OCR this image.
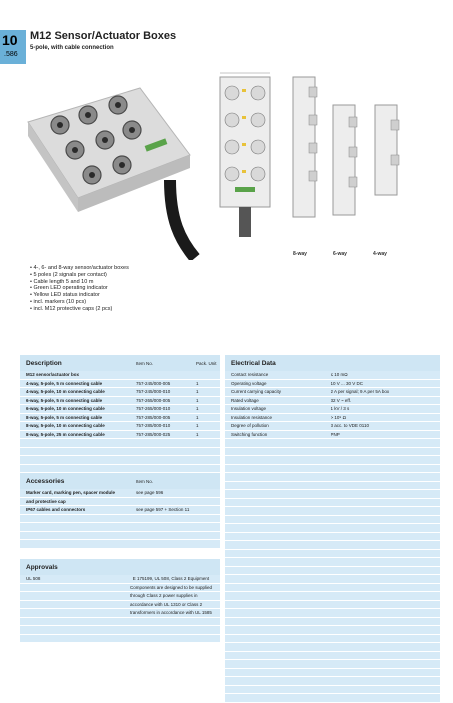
10
.586
M12 Sensor/Actuator Boxes
5-pole, with cable connection
8-way	6-way	4-way
• 4-, 6- and 8-way sensor/actuator boxes
• 5 poles (2 signals per contact)
• Cable length 5 and 10 m
• Green LED operating indicator
• Yellow LED status indicator
• incl. markers (10 pcs)
• incl. M12 protective caps (2 pcs)
Description	Item No.	Pack. Unit
M12 sensor/actuator box
4-way, 5-pole, 5 m connecting cable	757-245/000-005	1
4-way, 5-pole, 10 m connecting cable	757-245/000-010	1
6-way, 5-pole, 5 m connecting cable	757-265/000-005	1
6-way, 5-pole, 10 m connecting cable	757-265/000-010	1
8-way, 5-pole, 5 m connecting cable	757-285/000-005	1
8-way, 5-pole, 10 m connecting cable	757-285/000-010	1
8-way, 5-pole, 25 m connecting cable	757-285/000-025	1
Electrical Data
Contact resistance	≤ 10 mΩ
Operating voltage	10 V ... 30 V DC
Current carrying capacity	2 A per signal; 9 A per 5A box
Rated voltage	32 V ~ eff.
Insulation voltage	1 kV / 3 s
Insulation resistance	> 10⁹ Ω
Degree of pollution	3 acc. to VDE 0110
Switching function	PNP
Accessories	Item No.
Marker card, marking pen, spacer module	see page 596
and protective cap
IP67 cables and connectors	see page 597 + Section 11
Approvals
UL 508	E 175199, UL 508, Class 2 Equipment
Components are designed to be supplied
through Class 2 power supplies in
accordance with UL 1310 or Class 2
transformers in accordance with UL 1585
